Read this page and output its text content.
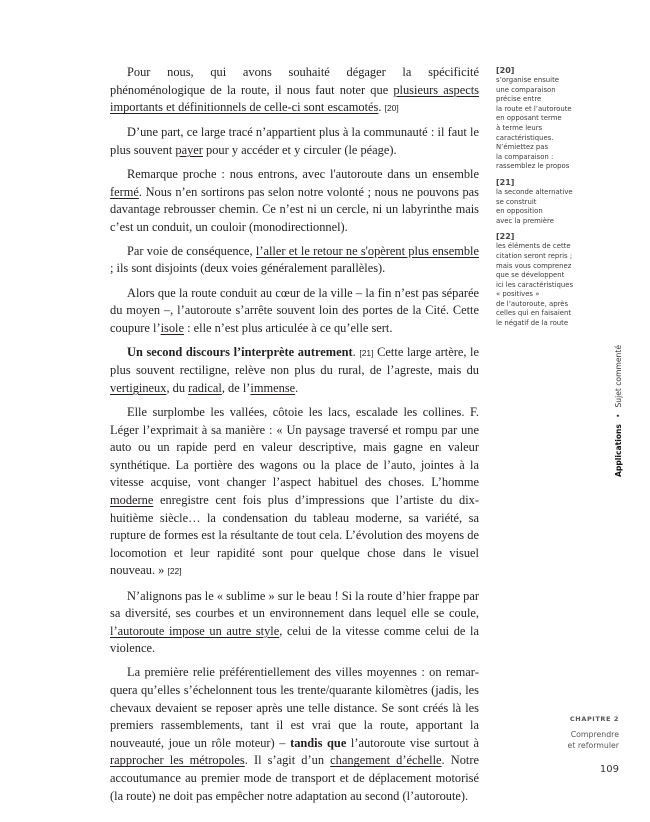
Pour nous, qui avons souhaité dégager la spécificité phénoménologique de la route, il nous faut noter que plusieurs aspects importants et définitionnels de celle-ci sont escamotés. [20]

D’une part, ce large tracé n’appartient plus à la communauté : il faut le plus souvent payer pour y accéder et y circuler (le péage).

Remarque proche : nous entrons, avec l'autoroute dans un ensemble fermé. Nous n’en sortirons pas selon notre volonté ; nous ne pouvons pas davantage rebrousser chemin. Ce n’est ni un cercle, ni un labyrinthe mais c’est un conduit, un couloir (monodirectionnel).

Par voie de conséquence, l’aller et le retour ne s'opèrent plus ensemble ; ils sont disjoints (deux voies généralement parallèles).

Alors que la route conduit au cœur de la ville – la fin n’est pas séparée du moyen –, l’autoroute s’arrête souvent loin des portes de la Cité. Cette coupure l’isole : elle n’est plus articulée à ce qu’elle sert.

Un second discours l’interprète autrement. [21] Cette large artère, le plus souvent rectiligne, relève non plus du rural, de l’agreste, mais du vertigineux, du radical, de l’immense.

Elle surplombe les vallées, côtoie les lacs, escalade les collines. F. Léger l’exprimait à sa manière : « Un paysage traversé et rompu par une auto ou un rapide perd en valeur descriptive, mais gagne en valeur synthétique. La portière des wagons ou la place de l’auto, jointes à la vitesse acquise, vont changer l’aspect habituel des choses. L’homme moderne enregistre cent fois plus d’impressions que l’artiste du dix-huitième siècle… la condensation du tableau moderne, sa variété, sa rupture de formes est la résultante de tout cela. L’évolution des moyens de locomotion et leur rapidité sont pour quelque chose dans le visuel nouveau. » [22]

N’alignons pas le « sublime » sur le beau ! Si la route d’hier frappe par sa diversité, ses courbes et un environnement dans lequel elle se coule, l’autoroute impose un autre style, celui de la vitesse comme celui de la violence.

La première relie préférentiellement des villes moyennes : on remarquera qu’elles s’échelonnent tous les trente/quarante kilomètres (jadis, les chevaux devaient se reposer après une telle distance. Se sont créés là les premiers rassemblements, tant il est vrai que la route, apportant la nouveauté, joue un rôle moteur) – tandis que l’autoroute vise surtout à rapprocher les métropoles. Il s’agit d’un changement d’échelle. Notre accoutumance au premier mode de transport et de déplacement motorisé (la route) ne doit pas empêcher notre adaptation au second (l’autoroute).

[20]
s’organise ensuite
une comparaison
précise entre
la route et l’autoroute
en opposant terme
à terme leurs
caractéristiques.
N’émiettez pas
la comparaison :
rassemblez le propos
[21]
la seconde alternative
se construit
en opposition
avec la première
[22]
les éléments de cette
citation seront repris ;
mais vous comprenez
que se développent
ici les caractéristiques
« positives »
de l’autoroute, après
celles qui en faisaient
le négatif de la route
Applications•Sujet commenté
CHAPITRE 2
Comprendre
et reformuler
109
